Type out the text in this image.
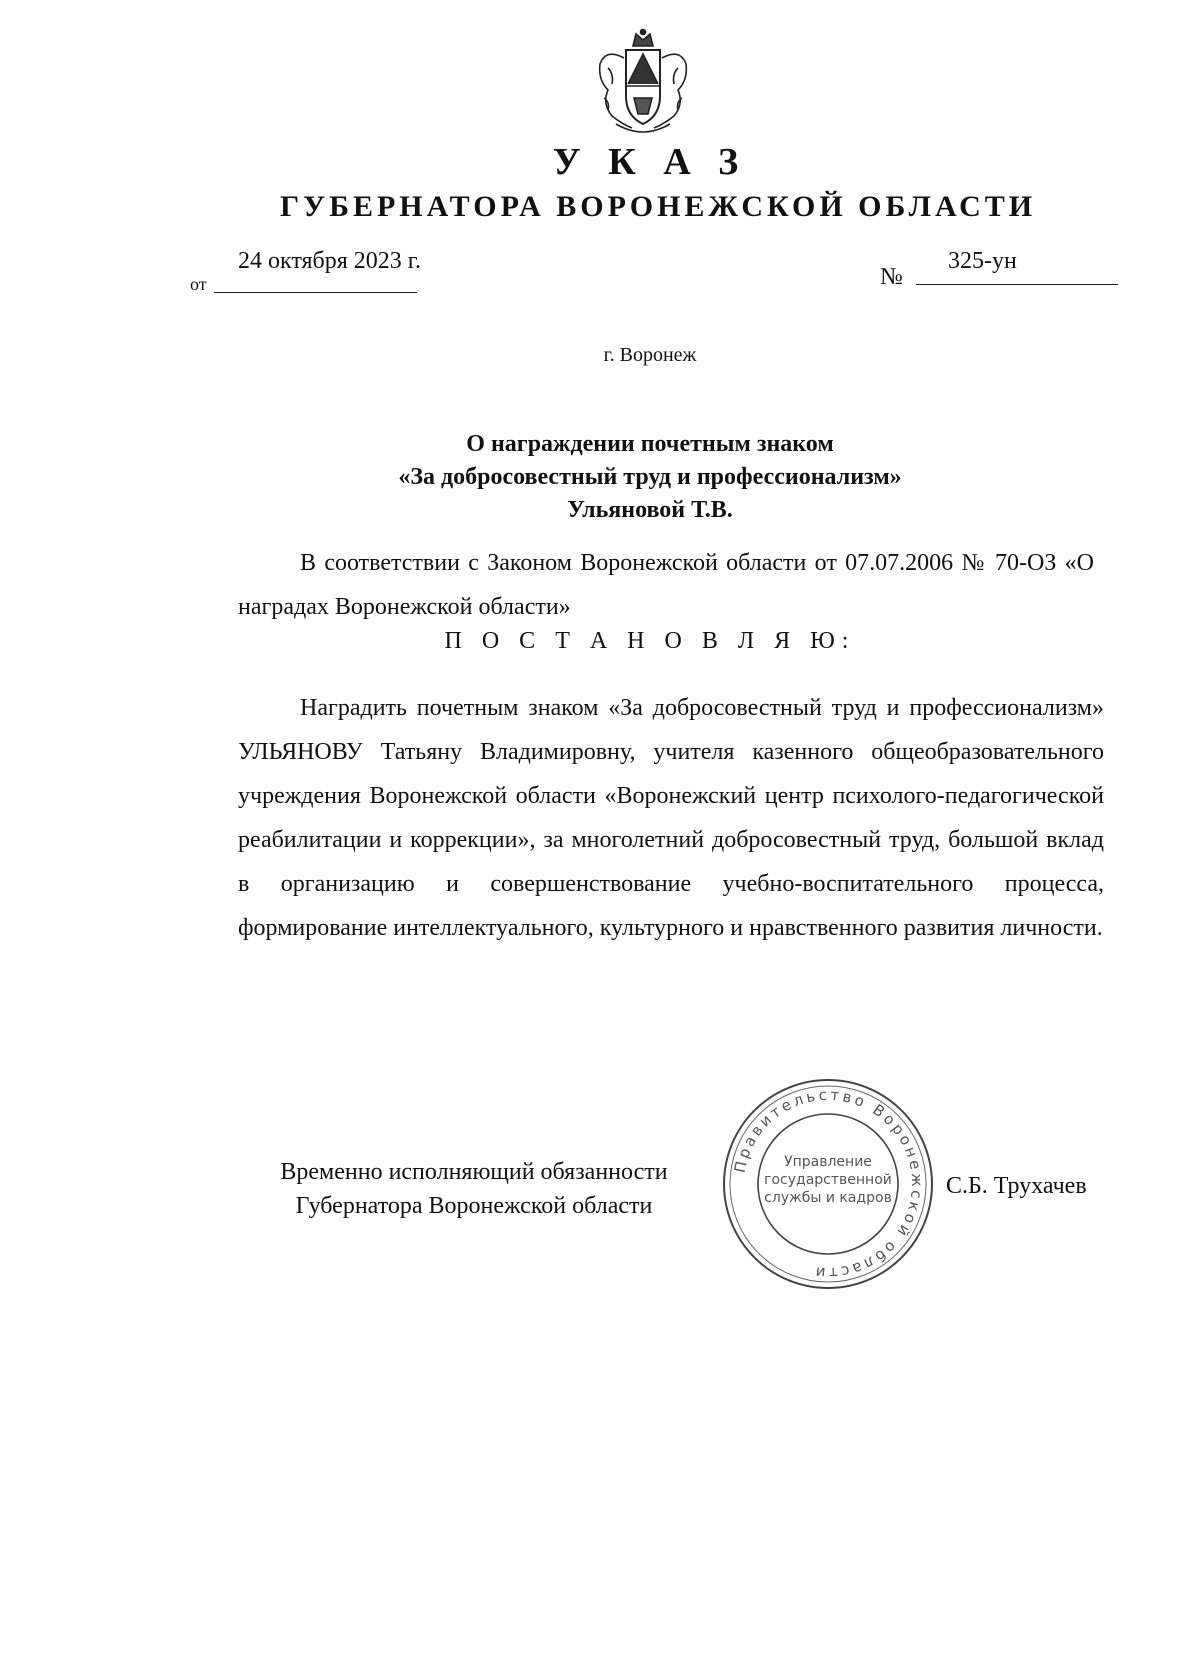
У К А З
ГУБЕРНАТОРА ВОРОНЕЖСКОЙ ОБЛАСТИ
от
24 октября 2023 г.
№
325-ун
г. Воронеж
О награждении почетным знаком
«За добросовестный труд и профессионализм»
Ульяновой Т.В.
В соответствии с Законом Воронежской области от 07.07.2006 № 70-ОЗ «О наградах Воронежской области»
П О С Т А Н О В Л Я Ю:
Наградить почетным знаком «За добросовестный труд и профессионализм» УЛЬЯНОВУ Татьяну Владимировну, учителя казенного общеобразовательного учреждения Воронежской области «Воронежский центр психолого-педагогической реабилитации и коррекции», за многолетний добросовестный труд, большой вклад в организацию и совершенствование учебно-воспитательного процесса, формирование интеллектуального, культурного и нравственного развития личности.
Временно исполняющий обязанности
Губернатора Воронежской области
Правительство Воронежской области
Управление
государственной
службы и кадров С.Б. Трухачев
